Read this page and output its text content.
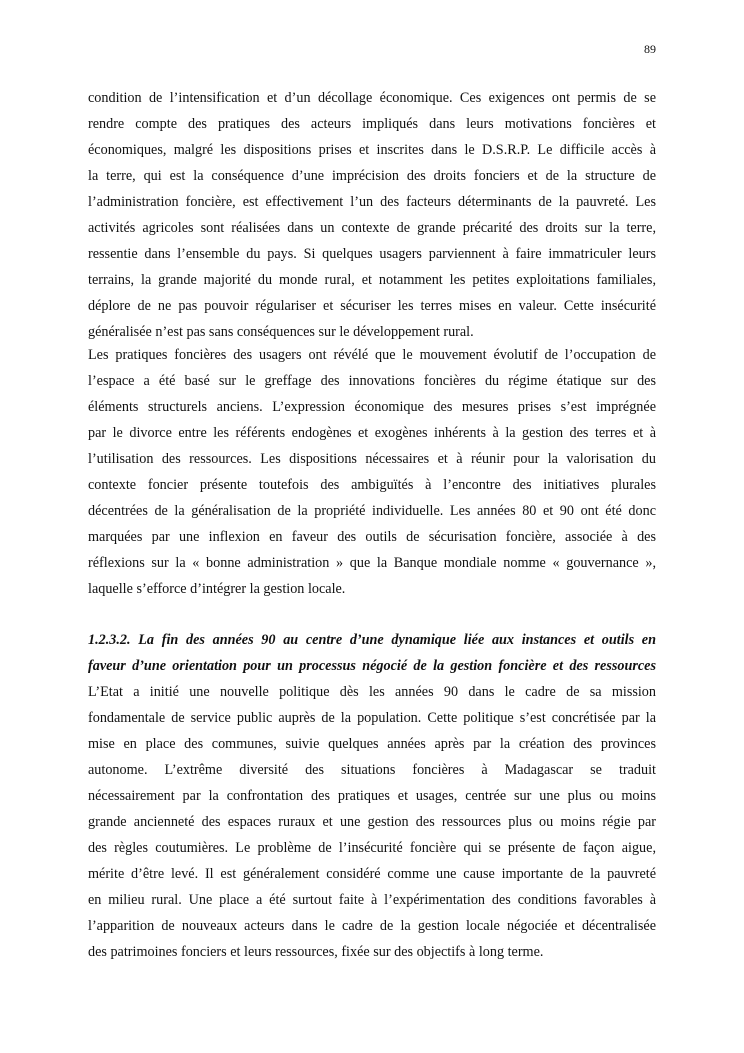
89
condition de l’intensification et d’un décollage économique. Ces exigences ont permis de se
rendre compte des pratiques des acteurs impliqués dans leurs motivations foncières et
économiques, malgré les dispositions prises et inscrites dans le D.S.R.P. Le difficile accès à
la terre, qui est la conséquence d’une imprécision des droits fonciers et de la structure de
l’administration foncière, est effectivement l’un des facteurs déterminants de la pauvreté. Les
activités agricoles sont réalisées dans un contexte de grande précarité des droits sur la terre,
ressentie dans l’ensemble du pays. Si quelques usagers parviennent à faire immatriculer leurs
terrains, la grande majorité du monde rural, et notamment les petites exploitations familiales,
déplore de ne pas pouvoir régulariser et sécuriser les terres mises en valeur. Cette insécurité
généralisée n’est pas sans conséquences sur le développement rural.
Les pratiques foncières des usagers ont révélé que le mouvement évolutif de l’occupation de
l’espace a été basé sur le greffage des innovations foncières du régime étatique sur des
éléments structurels anciens. L’expression économique des mesures prises s’est imprégnée
par le divorce entre les référents endogènes et exogènes inhérents à la gestion des terres et à
l’utilisation des ressources. Les dispositions nécessaires et à réunir pour la valorisation du
contexte foncier présente toutefois des ambiguïtés à l’encontre des initiatives plurales
décentrées de la généralisation de la propriété individuelle. Les années 80 et 90 ont été donc
marquées par une inflexion en faveur des outils de sécurisation foncière, associée à des
réflexions sur la « bonne administration » que la Banque mondiale nomme « gouvernance »,
laquelle s’efforce d’intégrer la gestion locale.
1.2.3.2. La fin des années 90 au centre d’une dynamique liée aux instances et outils en
faveur d’une orientation pour un processus négocié de la gestion foncière et des ressources
L’Etat a initié une nouvelle politique dès les années 90 dans le cadre de sa mission
fondamentale de service public auprès de la population. Cette politique s’est concrétisée par la
mise en place des communes, suivie quelques années après par la création des provinces
autonome. L’extrême diversité des situations foncières à Madagascar se traduit
nécessairement par la confrontation des pratiques et usages, centrée sur une plus ou moins
grande ancienneté des espaces ruraux et une gestion des ressources plus ou moins régie par
des règles coutumières. Le problème de l’insécurité foncière qui se présente de façon aigue,
mérite d’être levé. Il est généralement considéré comme une cause importante de la pauvreté
en milieu rural. Une place a été surtout faite à l’expérimentation des conditions favorables à
l’apparition de nouveaux acteurs dans le cadre de la gestion locale négociée et décentralisée
des patrimoines fonciers et leurs ressources, fixée sur des objectifs à long terme.
